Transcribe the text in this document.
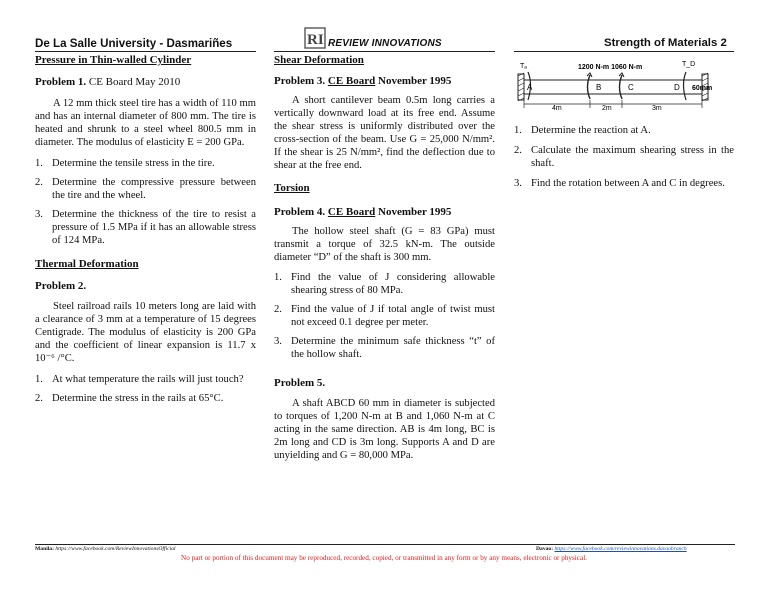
De La Salle University - Dasmariñes	RI REVIEW INNOVATIONS	Strength of Materials 2

Pressure in Thin-walled Cylinder

Problem 1. CE Board May 2010

A 12 mm thick steel tire has a width of 110 mm and has an internal diameter of 800 mm. The tire is heated and shrunk to a steel wheel 800.5 mm in diameter. The modulus of elasticity E = 200 GPa.

1. Determine the tensile stress in the tire.
2. Determine the compressive pressure between the tire and the wheel.
3. Determine the thickness of the tire to resist a pressure of 1.5 MPa if it has an allowable stress of 124 MPa.

Thermal Deformation

Problem 2.

Steel railroad rails 10 meters long are laid with a clearance of 3 mm at a temperature of 15 degrees Centigrade. The modulus of elasticity is 200 GPa and the coefficient of linear expansion is 11.7 x 10⁻⁶ /°C.

1. At what temperature the rails will just touch?
2. Determine the stress in the rails at 65°C.

Shear Deformation

Problem 3. CE Board November 1995

A short cantilever beam 0.5m long carries a vertically downward load at its free end. Assume the shear stress is uniformly distributed over the cross-section of the beam. Use G = 25,000 N/mm². If the shear is 25 N/mm², find the deflection due to shear at the free end.

Torsion

Problem 4. CE Board November 1995

The hollow steel shaft (G = 83 GPa) must transmit a torque of 32.5 kN-m. The outside diameter “D” of the shaft is 300 mm.

1. Find the value of J considering allowable shearing stress of 80 MPa.
2. Find the value of J if total angle of twist must not exceed 0.1 degree per meter.
3. Determine the minimum safe thickness “t” of the hollow shaft.

Problem 5.

A shaft ABCD 60 mm in diameter is subjected to torques of 1,200 N-m at B and 1,060 N-m at C acting in the same direction. AB is 4m long, BC is 2m long and CD is 3m long. Supports A and D are unyielding and G = 80,000 MPa.

Tₐ	T_D
1200 N-m 1060 N-m
A	B	C	D 60mm
4m	2m	3m
1. Determine the reaction at A.
2. Calculate the maximum shearing stress in the shaft.
3. Find the rotation between A and C in degrees.
Manila: https://www.facebook.com/ReviewInnovationsOfficial	Davao: https://www.facebook.com/reviewinnovations.davaobranch
No part or portion of this document may be reproduced, recorded, copied, or transmitted in any form or by any means, electronic or physical.
